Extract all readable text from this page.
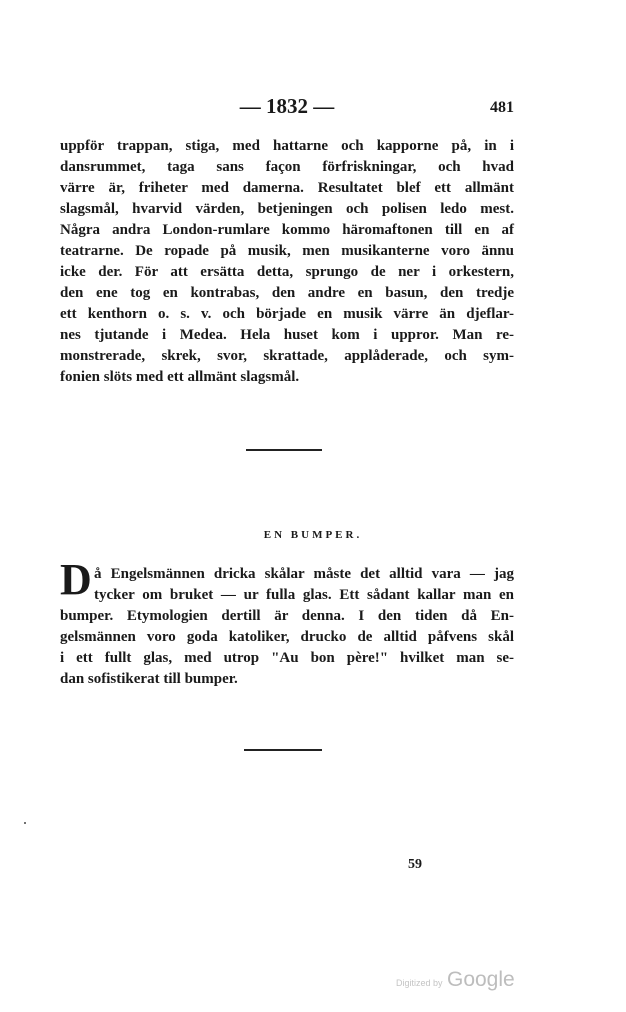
— 1832 —	481
uppför trappan, stiga, med hattarne och kapporne på, in i
dansrummet, taga sans façon förfriskningar, och hvad
värre är, friheter med damerna. Resultatet blef ett allmänt
slagsmål, hvarvid värden, betjeningen och polisen ledo mest.
Några andra London-rumlare kommo häromaftonen till en af
teatrarne. De ropade på musik, men musikanterne voro ännu
icke der. För att ersätta detta, sprungo de ner i orkestern,
den ene tog en kontrabas, den andre en basun, den tredje
ett kenthorn o. s. v. och började en musik värre än djeflar-
nes tjutande i Medea. Hela huset kom i uppror. Man re-
monstrerade, skrek, svor, skrattade, applåderade, och sym-
fonien slöts med ett allmänt slagsmål.
EN BUMPER.
D å Engelsmännen dricka skålar måste det alltid vara — jag
tycker om bruket — ur fulla glas. Ett sådant kallar man en
bumper. Etymologien dertill är denna. I den tiden då En-
gelsmännen voro goda katoliker, drucko de alltid påfvens skål
i ett fullt glas, med utrop "Au bon père!" hvilket man se-
dan sofistikerat till bumper.
59
Digitized by Google
